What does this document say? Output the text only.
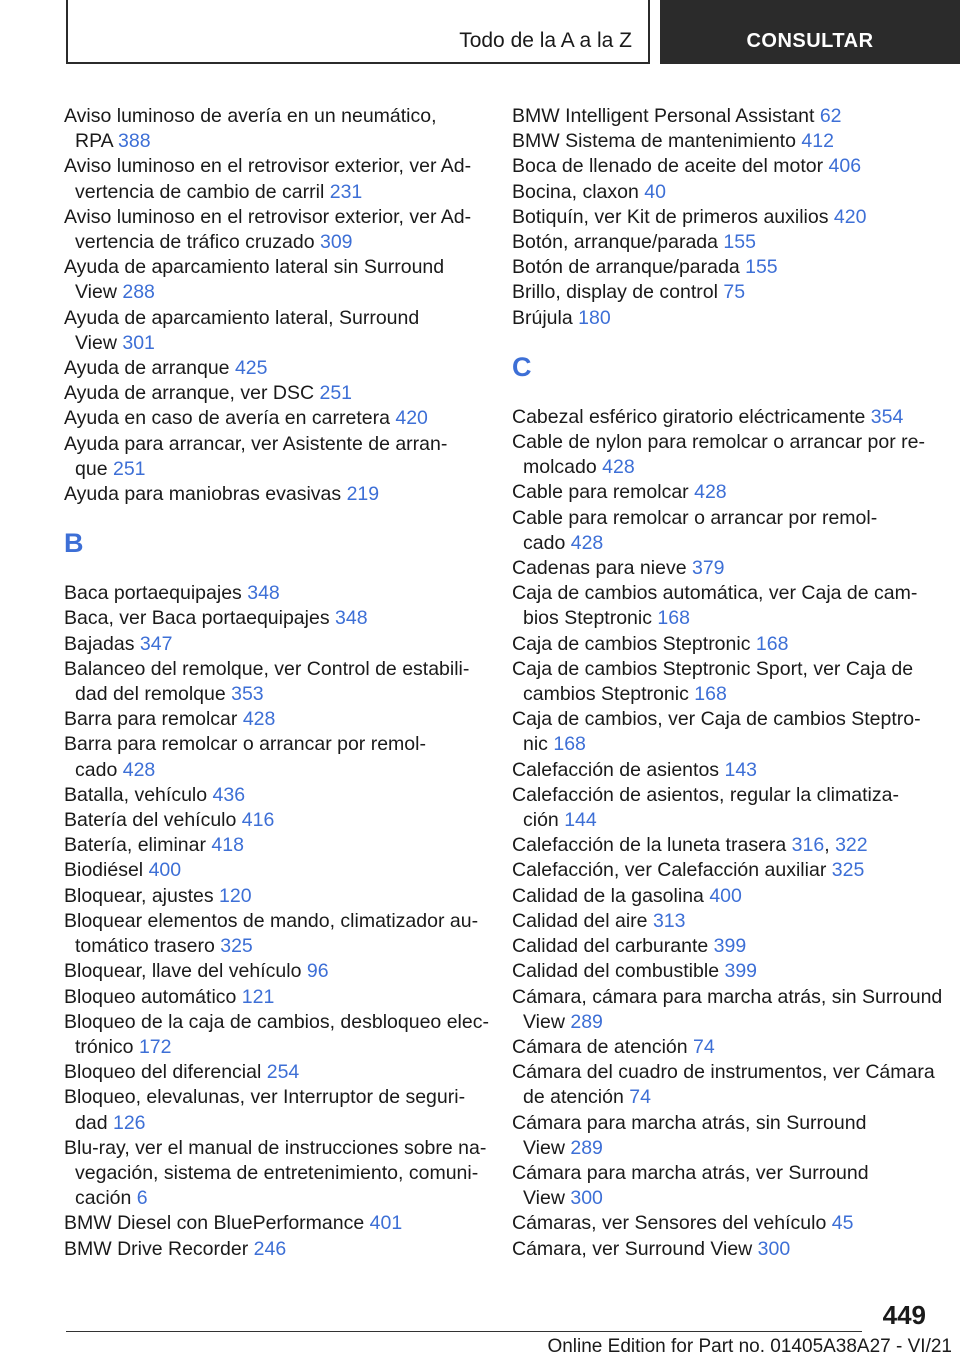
Todo de la A a la Z	CONSULTAR
Aviso luminoso de avería en un neumático,
RPA 388
Aviso luminoso en el retrovisor exterior, ver Ad‐
vertencia de cambio de carril 231
Aviso luminoso en el retrovisor exterior, ver Ad‐
vertencia de tráfico cruzado 309
Ayuda de aparcamiento lateral sin Surround
View 288
Ayuda de aparcamiento lateral, Surround
View 301
Ayuda de arranque 425
Ayuda de arranque, ver DSC 251
Ayuda en caso de avería en carretera 420
Ayuda para arrancar, ver Asistente de arran‐
que 251
Ayuda para maniobras evasivas 219
B
Baca portaequipajes 348
Baca, ver Baca portaequipajes 348
Bajadas 347
Balanceo del remolque, ver Control de estabili‐
dad del remolque 353
Barra para remolcar 428
Barra para remolcar o arrancar por remol‐
cado 428
Batalla, vehículo 436
Batería del vehículo 416
Batería, eliminar 418
Biodiésel 400
Bloquear, ajustes 120
Bloquear elementos de mando, climatizador au‐
tomático trasero 325
Bloquear, llave del vehículo 96
Bloqueo automático 121
Bloqueo de la caja de cambios, desbloqueo elec‐
trónico 172
Bloqueo del diferencial 254
Bloqueo, elevalunas, ver Interruptor de seguri‐
dad 126
Blu-ray, ver el manual de instrucciones sobre na‐
vegación, sistema de entretenimiento, comuni‐
cación 6
BMW Diesel con BluePerformance 401
BMW Drive Recorder 246
BMW Intelligent Personal Assistant 62
BMW Sistema de mantenimiento 412
Boca de llenado de aceite del motor 406
Bocina, claxon 40
Botiquín, ver Kit de primeros auxilios 420
Botón, arranque/parada 155
Botón de arranque/parada 155
Brillo, display de control 75
Brújula 180
C
Cabezal esférico giratorio eléctricamente 354
Cable de nylon para remolcar o arrancar por re‐
molcado 428
Cable para remolcar 428
Cable para remolcar o arrancar por remol‐
cado 428
Cadenas para nieve 379
Caja de cambios automática, ver Caja de cam‐
bios Steptronic 168
Caja de cambios Steptronic 168
Caja de cambios Steptronic Sport, ver Caja de
cambios Steptronic 168
Caja de cambios, ver Caja de cambios Steptro‐
nic 168
Calefacción de asientos 143
Calefacción de asientos, regular la climatiza‐
ción 144
Calefacción de la luneta trasera 316, 322
Calefacción, ver Calefacción auxiliar 325
Calidad de la gasolina 400
Calidad del aire 313
Calidad del carburante 399
Calidad del combustible 399
Cámara, cámara para marcha atrás, sin Surround
View 289
Cámara de atención 74
Cámara del cuadro de instrumentos, ver Cámara
de atención 74
Cámara para marcha atrás, sin Surround
View 289
Cámara para marcha atrás, ver Surround
View 300
Cámaras, ver Sensores del vehículo 45
Cámara, ver Surround View 300
449
Online Edition for Part no. 01405A38A27 - VI/21
